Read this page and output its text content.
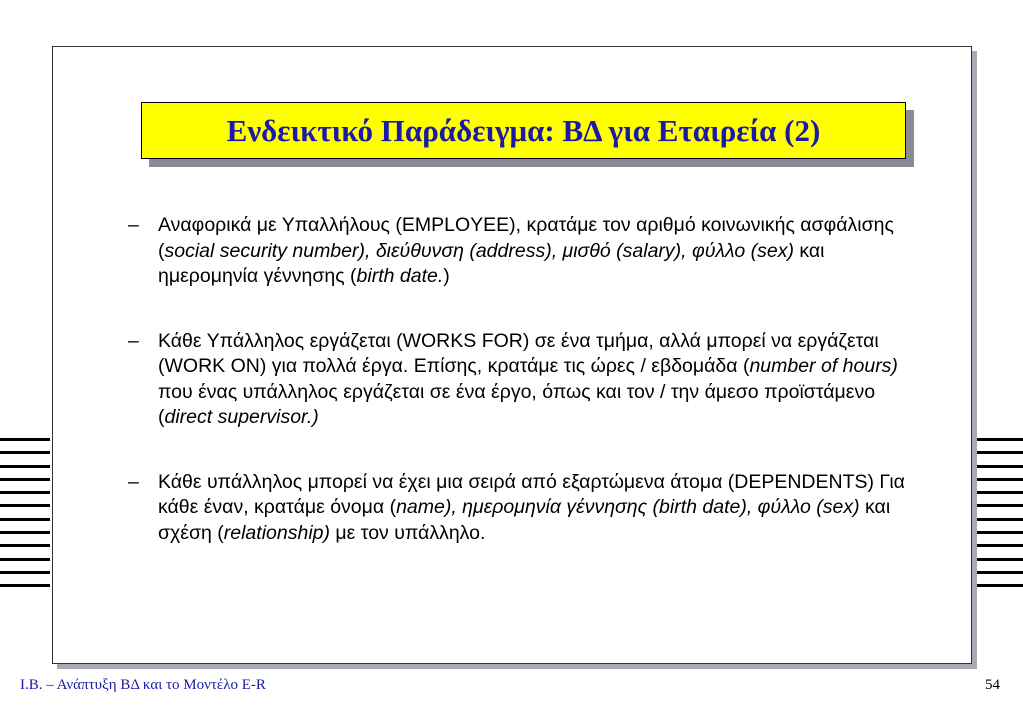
Ενδεικτικό Παράδειγμα: ΒΔ για Εταιρεία (2)
– Αναφορικά με Υπαλλήλους (EMPLOYEE), κρατάμε τον αριθμό κοινωνικής ασφάλισης (social security number), διεύθυνση (address), μισθό (salary), φύλλο (sex) και ημερομηνία γέννησης (birth date.)
– Κάθε Υπάλληλος εργάζεται (WORKS FOR) σε ένα τμήμα, αλλά μπορεί να εργάζεται (WORK ON) για πολλά έργα. Επίσης, κρατάμε τις ώρες / εβδομάδα (number of hours) που ένας υπάλληλος εργάζεται σε ένα έργο, όπως και τον / την άμεσο προϊστάμενο (direct supervisor.)
– Κάθε υπάλληλος μπορεί να έχει μια σειρά από εξαρτώμενα άτομα (DEPENDENTS) Για κάθε έναν, κρατάμε όνομα (name), ημερομηνία γέννησης (birth date), φύλλο (sex) και σχέση (relationship) με τον υπάλληλο.
Ι.Β. – Ανάπτυξη ΒΔ και το Μοντέλο Ε-R	54
